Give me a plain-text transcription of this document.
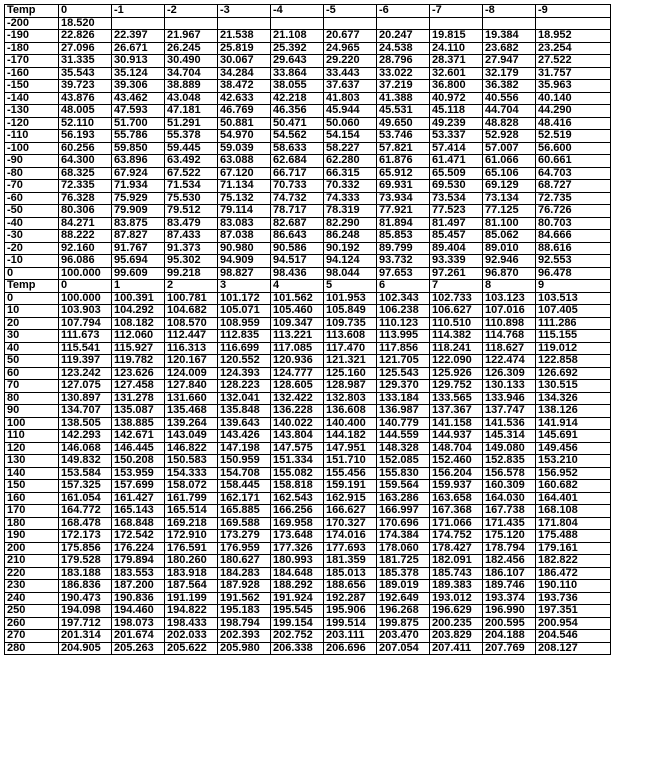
Temp	0	-1	-2	-3	-4	-5	-6	-7	-8	-9
-200	18.520									
-190	22.826	22.397	21.967	21.538	21.108	20.677	20.247	19.815	19.384	18.952
-180	27.096	26.671	26.245	25.819	25.392	24.965	24.538	24.110	23.682	23.254
-170	31.335	30.913	30.490	30.067	29.643	29.220	28.796	28.371	27.947	27.522
-160	35.543	35.124	34.704	34.284	33.864	33.443	33.022	32.601	32.179	31.757
-150	39.723	39.306	38.889	38.472	38.055	37.637	37.219	36.800	36.382	35.963
-140	43.876	43.462	43.048	42.633	42.218	41.803	41.388	40.972	40.556	40.140
-130	48.005	47.593	47.181	46.769	46.356	45.944	45.531	45.118	44.704	44.290
-120	52.110	51.700	51.291	50.881	50.471	50.060	49.650	49.239	48.828	48.416
-110	56.193	55.786	55.378	54.970	54.562	54.154	53.746	53.337	52.928	52.519
-100	60.256	59.850	59.445	59.039	58.633	58.227	57.821	57.414	57.007	56.600
-90	64.300	63.896	63.492	63.088	62.684	62.280	61.876	61.471	61.066	60.661
-80	68.325	67.924	67.522	67.120	66.717	66.315	65.912	65.509	65.106	64.703
-70	72.335	71.934	71.534	71.134	70.733	70.332	69.931	69.530	69.129	68.727
-60	76.328	75.929	75.530	75.132	74.732	74.333	73.934	73.534	73.134	72.735
-50	80.306	79.909	79.512	79.114	78.717	78.319	77.921	77.523	77.125	76.726
-40	84.271	83.875	83.479	83.083	82.687	82.290	81.894	81.497	81.100	80.703
-30	88.222	87.827	87.433	87.038	86.643	86.248	85.853	85.457	85.062	84.666
-20	92.160	91.767	91.373	90.980	90.586	90.192	89.799	89.404	89.010	88.616
-10	96.086	95.694	95.302	94.909	94.517	94.124	93.732	93.339	92.946	92.553
0	100.000	99.609	99.218	98.827	98.436	98.044	97.653	97.261	96.870	96.478
Temp	0	1	2	3	4	5	6	7	8	9
0	100.000	100.391	100.781	101.172	101.562	101.953	102.343	102.733	103.123	103.513
10	103.903	104.292	104.682	105.071	105.460	105.849	106.238	106.627	107.016	107.405
20	107.794	108.182	108.570	108.959	109.347	109.735	110.123	110.510	110.898	111.286
30	111.673	112.060	112.447	112.835	113.221	113.608	113.995	114.382	114.768	115.155
40	115.541	115.927	116.313	116.699	117.085	117.470	117.856	118.241	118.627	119.012
50	119.397	119.782	120.167	120.552	120.936	121.321	121.705	122.090	122.474	122.858
60	123.242	123.626	124.009	124.393	124.777	125.160	125.543	125.926	126.309	126.692
70	127.075	127.458	127.840	128.223	128.605	128.987	129.370	129.752	130.133	130.515
80	130.897	131.278	131.660	132.041	132.422	132.803	133.184	133.565	133.946	134.326
90	134.707	135.087	135.468	135.848	136.228	136.608	136.987	137.367	137.747	138.126
100	138.505	138.885	139.264	139.643	140.022	140.400	140.779	141.158	141.536	141.914
110	142.293	142.671	143.049	143.426	143.804	144.182	144.559	144.937	145.314	145.691
120	146.068	146.445	146.822	147.198	147.575	147.951	148.328	148.704	149.080	149.456
130	149.832	150.208	150.583	150.959	151.334	151.710	152.085	152.460	152.835	153.210
140	153.584	153.959	154.333	154.708	155.082	155.456	155.830	156.204	156.578	156.952
150	157.325	157.699	158.072	158.445	158.818	159.191	159.564	159.937	160.309	160.682
160	161.054	161.427	161.799	162.171	162.543	162.915	163.286	163.658	164.030	164.401
170	164.772	165.143	165.514	165.885	166.256	166.627	166.997	167.368	167.738	168.108
180	168.478	168.848	169.218	169.588	169.958	170.327	170.696	171.066	171.435	171.804
190	172.173	172.542	172.910	173.279	173.648	174.016	174.384	174.752	175.120	175.488
200	175.856	176.224	176.591	176.959	177.326	177.693	178.060	178.427	178.794	179.161
210	179.528	179.894	180.260	180.627	180.993	181.359	181.725	182.091	182.456	182.822
220	183.188	183.553	183.918	184.283	184.648	185.013	185.378	185.743	186.107	186.472
230	186.836	187.200	187.564	187.928	188.292	188.656	189.019	189.383	189.746	190.110
240	190.473	190.836	191.199	191.562	191.924	192.287	192.649	193.012	193.374	193.736
250	194.098	194.460	194.822	195.183	195.545	195.906	196.268	196.629	196.990	197.351
260	197.712	198.073	198.433	198.794	199.154	199.514	199.875	200.235	200.595	200.954
270	201.314	201.674	202.033	202.393	202.752	203.111	203.470	203.829	204.188	204.546
280	204.905	205.263	205.622	205.980	206.338	206.696	207.054	207.411	207.769	208.127
